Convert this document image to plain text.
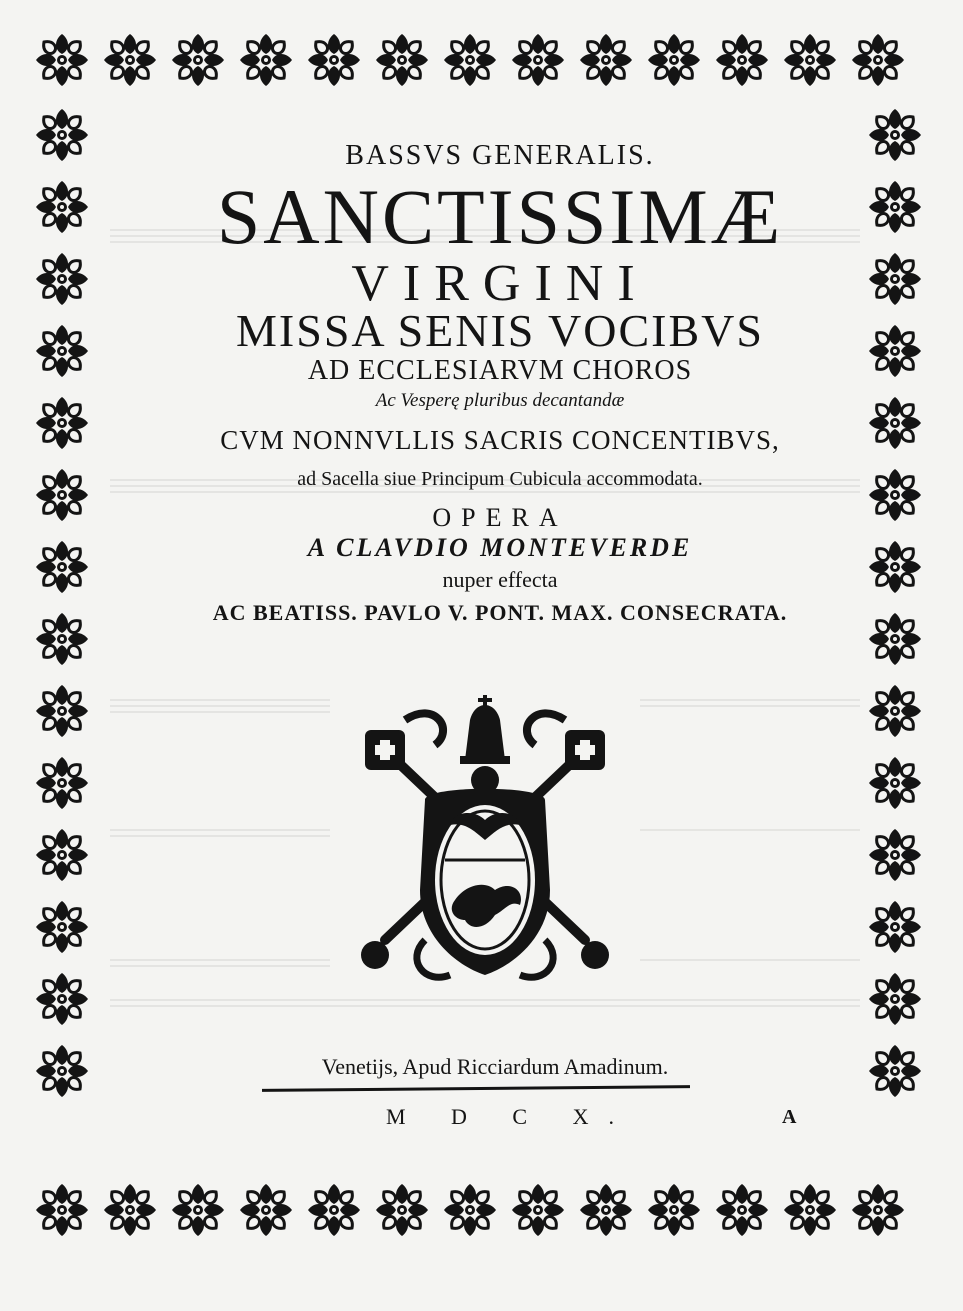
BASSVS GENERALIS.
SANCTISSIMÆ
VIRGINI
MISSA SENIS VOCIBVS
AD ECCLESIARVM CHOROS
Ac Vesperę pluribus decantandæ
CVM NONNVLLIS SACRIS CONCENTIBVS,
ad Sacella siue Principum Cubicula accommodata.
OPERA
A CLAVDIO MONTEVERDE
nuper effecta
AC BEATISS. PAVLO V. PONT. MAX. CONSECRATA.
Venetijs, Apud Ricciardum Amadinum.
M D C X.	A
